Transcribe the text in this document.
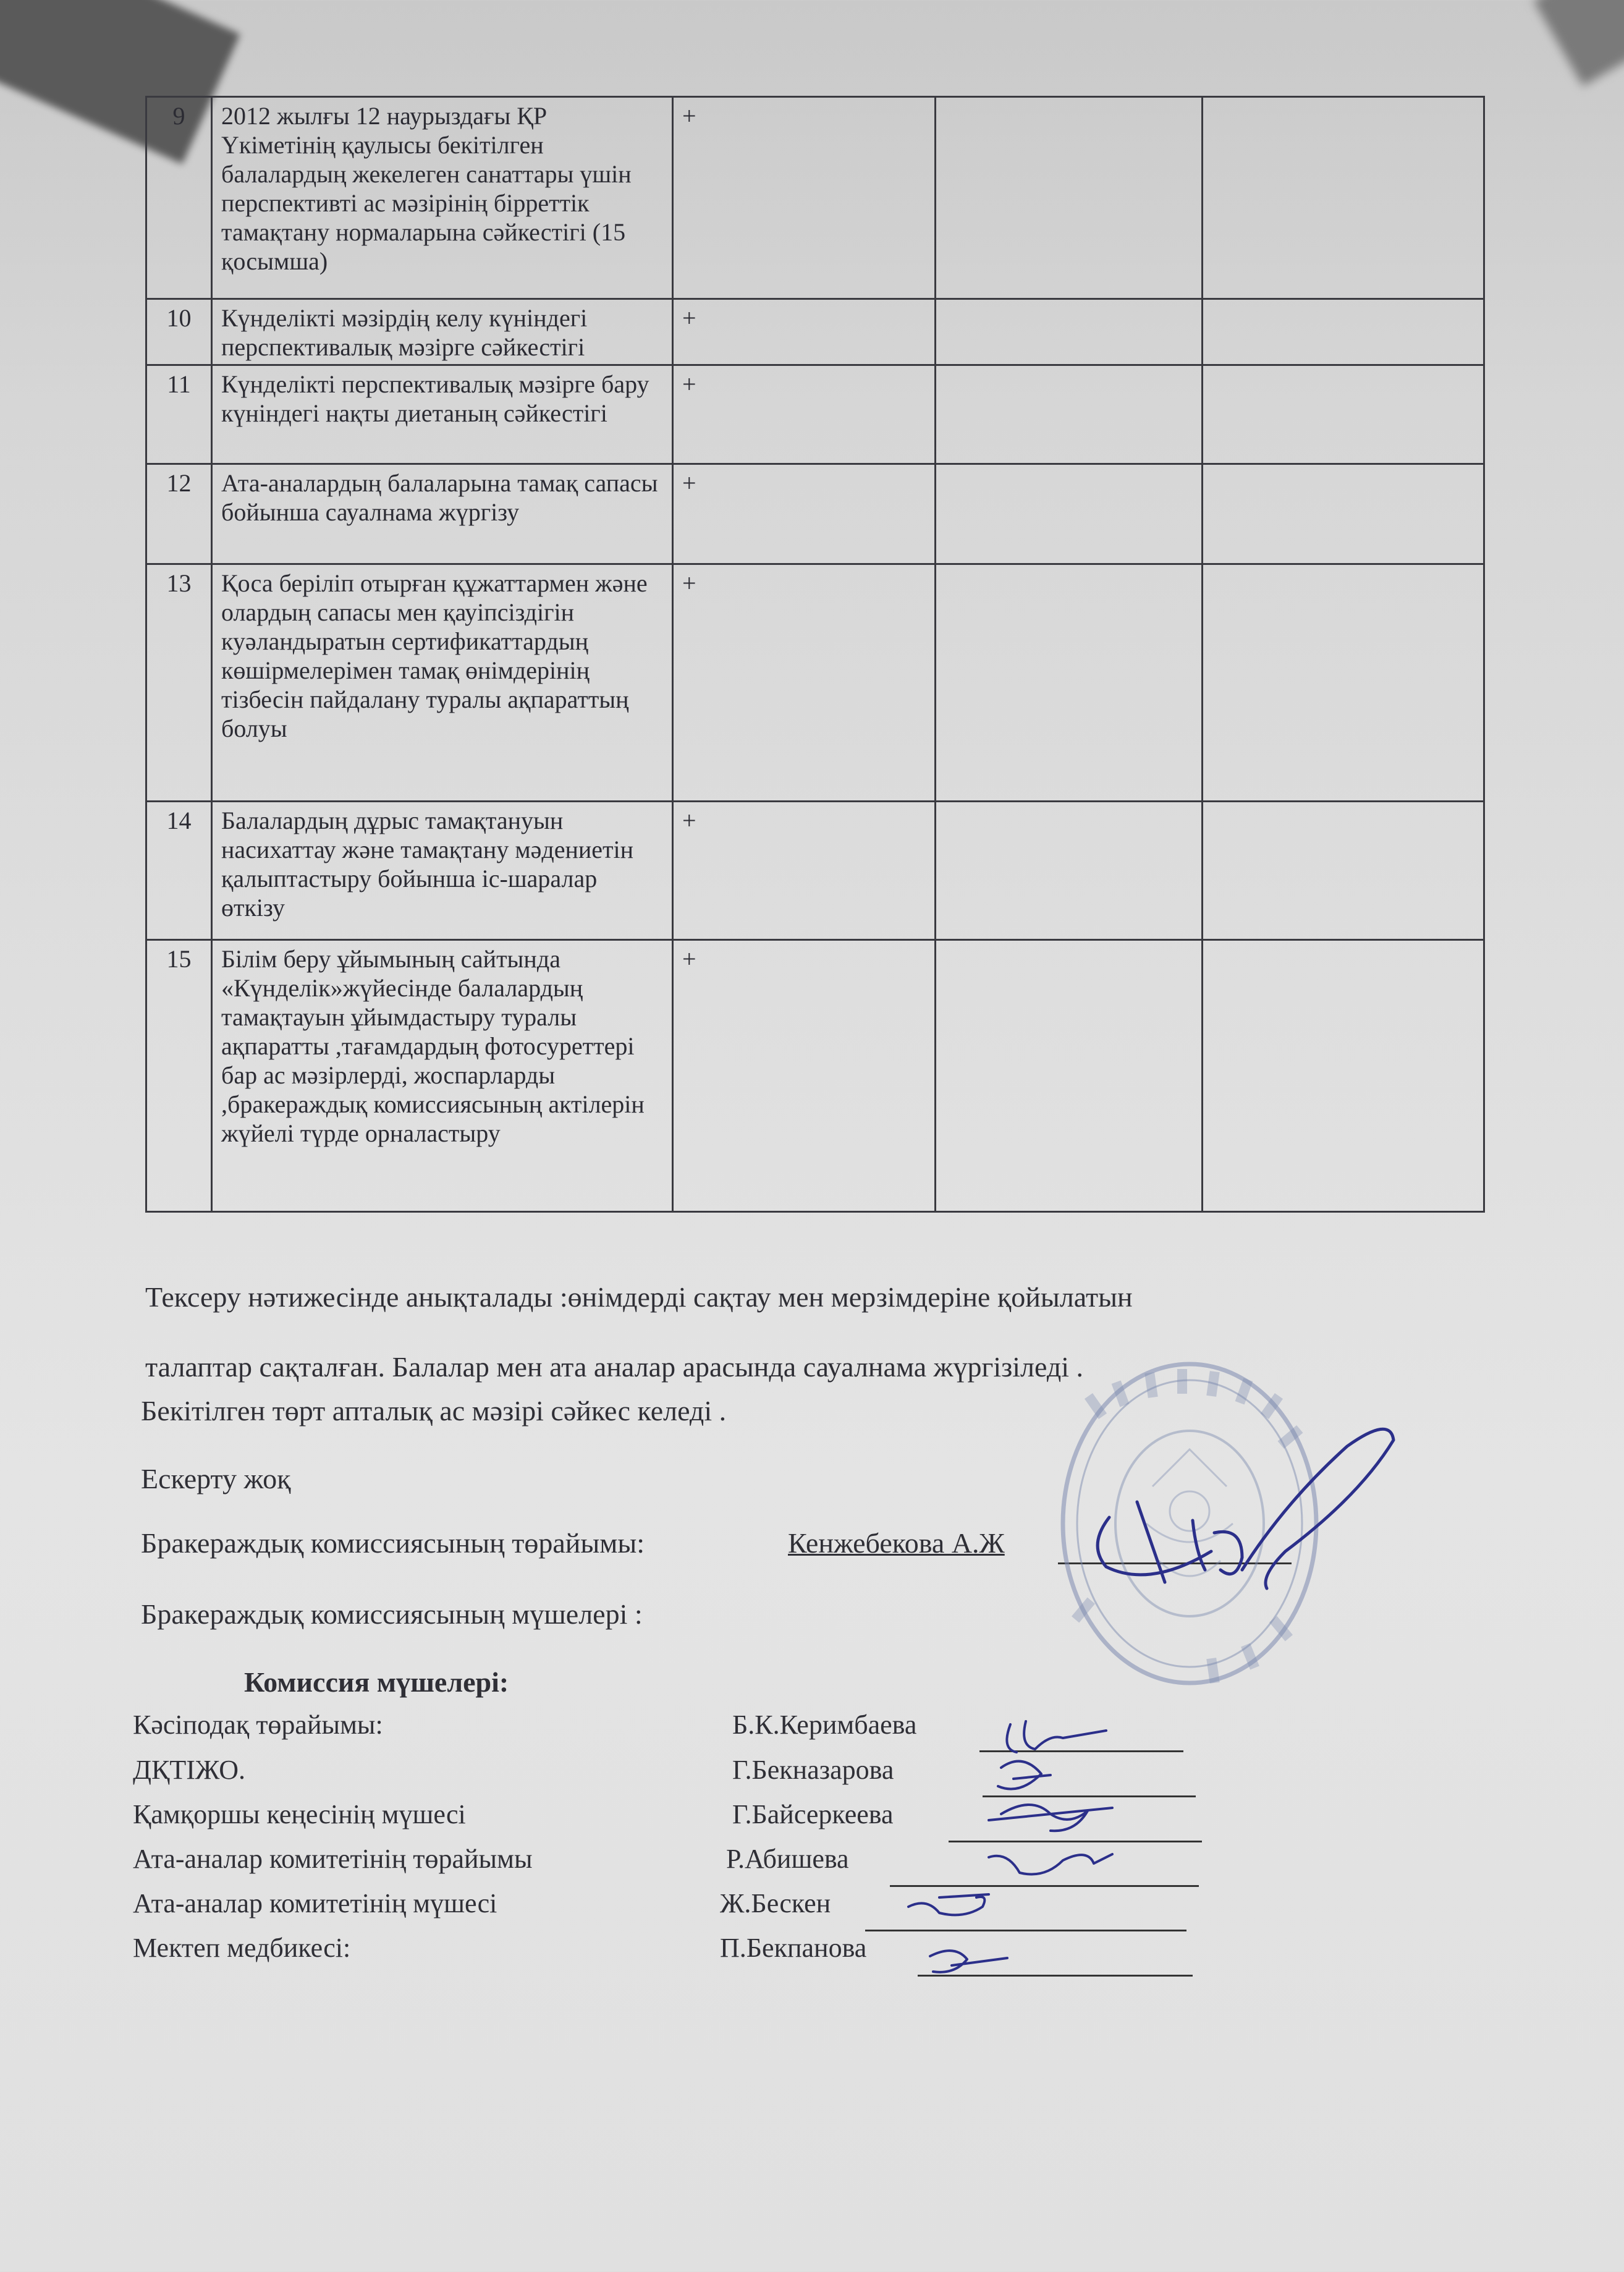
9	2012 жылғы 12 наурыздағы ҚР Үкіметінің қаулысы бекітілген балалардың жекелеген санаттары үшін перспективті ас мәзірінің бірреттік тамақтану нормаларына сәйкестігі (15 қосымша)	+		
10	Күнделікті мәзірдің келу күніндегі перспективалық мәзірге сәйкестігі	+		
11	Күнделікті перспективалық мәзірге бару күніндегі нақты диетаның сәйкестігі	+		
12	Ата-аналардың балаларына тамақ сапасы бойынша сауалнама жүргізу	+		
13	Қоса беріліп отырған құжаттармен және олардың сапасы мен қауіпсіздігін куәландыратын сертификаттардың көшірмелерімен тамақ өнімдерінің тізбесін пайдалану туралы ақпараттың болуы	+		
14	Балалардың дұрыс тамақтануын насихаттау және тамақтану мәдениетін қалыптастыру бойынша іс-шаралар өткізу	+		
15	Білім беру ұйымының сайтында «Күнделік»жүйесінде балалардың тамақтауын ұйымдастыру туралы ақпаратты ,тағамдардың фотосуреттері бар ас мәзірлерді, жоспарларды ,бракераждық комиссиясының актілерін жүйелі түрде орналастыру	+		
Тексеру нәтижесінде анықталады :өнімдерді сақтау мен мерзімдеріне қойылатын
талаптар сақталған. Балалар мен ата аналар арасында сауалнама жүргізіледі .
Бекітілген төрт апталық ас мәзірі сәйкес келеді .
Ескерту жоқ
Бракераждық комиссиясының төрайымы:	Кенжебекова А.Ж
Бракераждық комиссиясының мүшелері :
Комиссия мүшелері:
Кәсіподақ төрайымы:	Б.К.Керимбаева
ДҚТІЖО.	Г.Бекназарова
Қамқоршы кеңесінің мүшесі	Г.Байсеркеева
Ата-аналар комитетінің төрайымы	Р.Абишева
Ата-аналар комитетінің мүшесі	Ж.Бескен
Мектеп медбикесі:	П.Бекпанова
